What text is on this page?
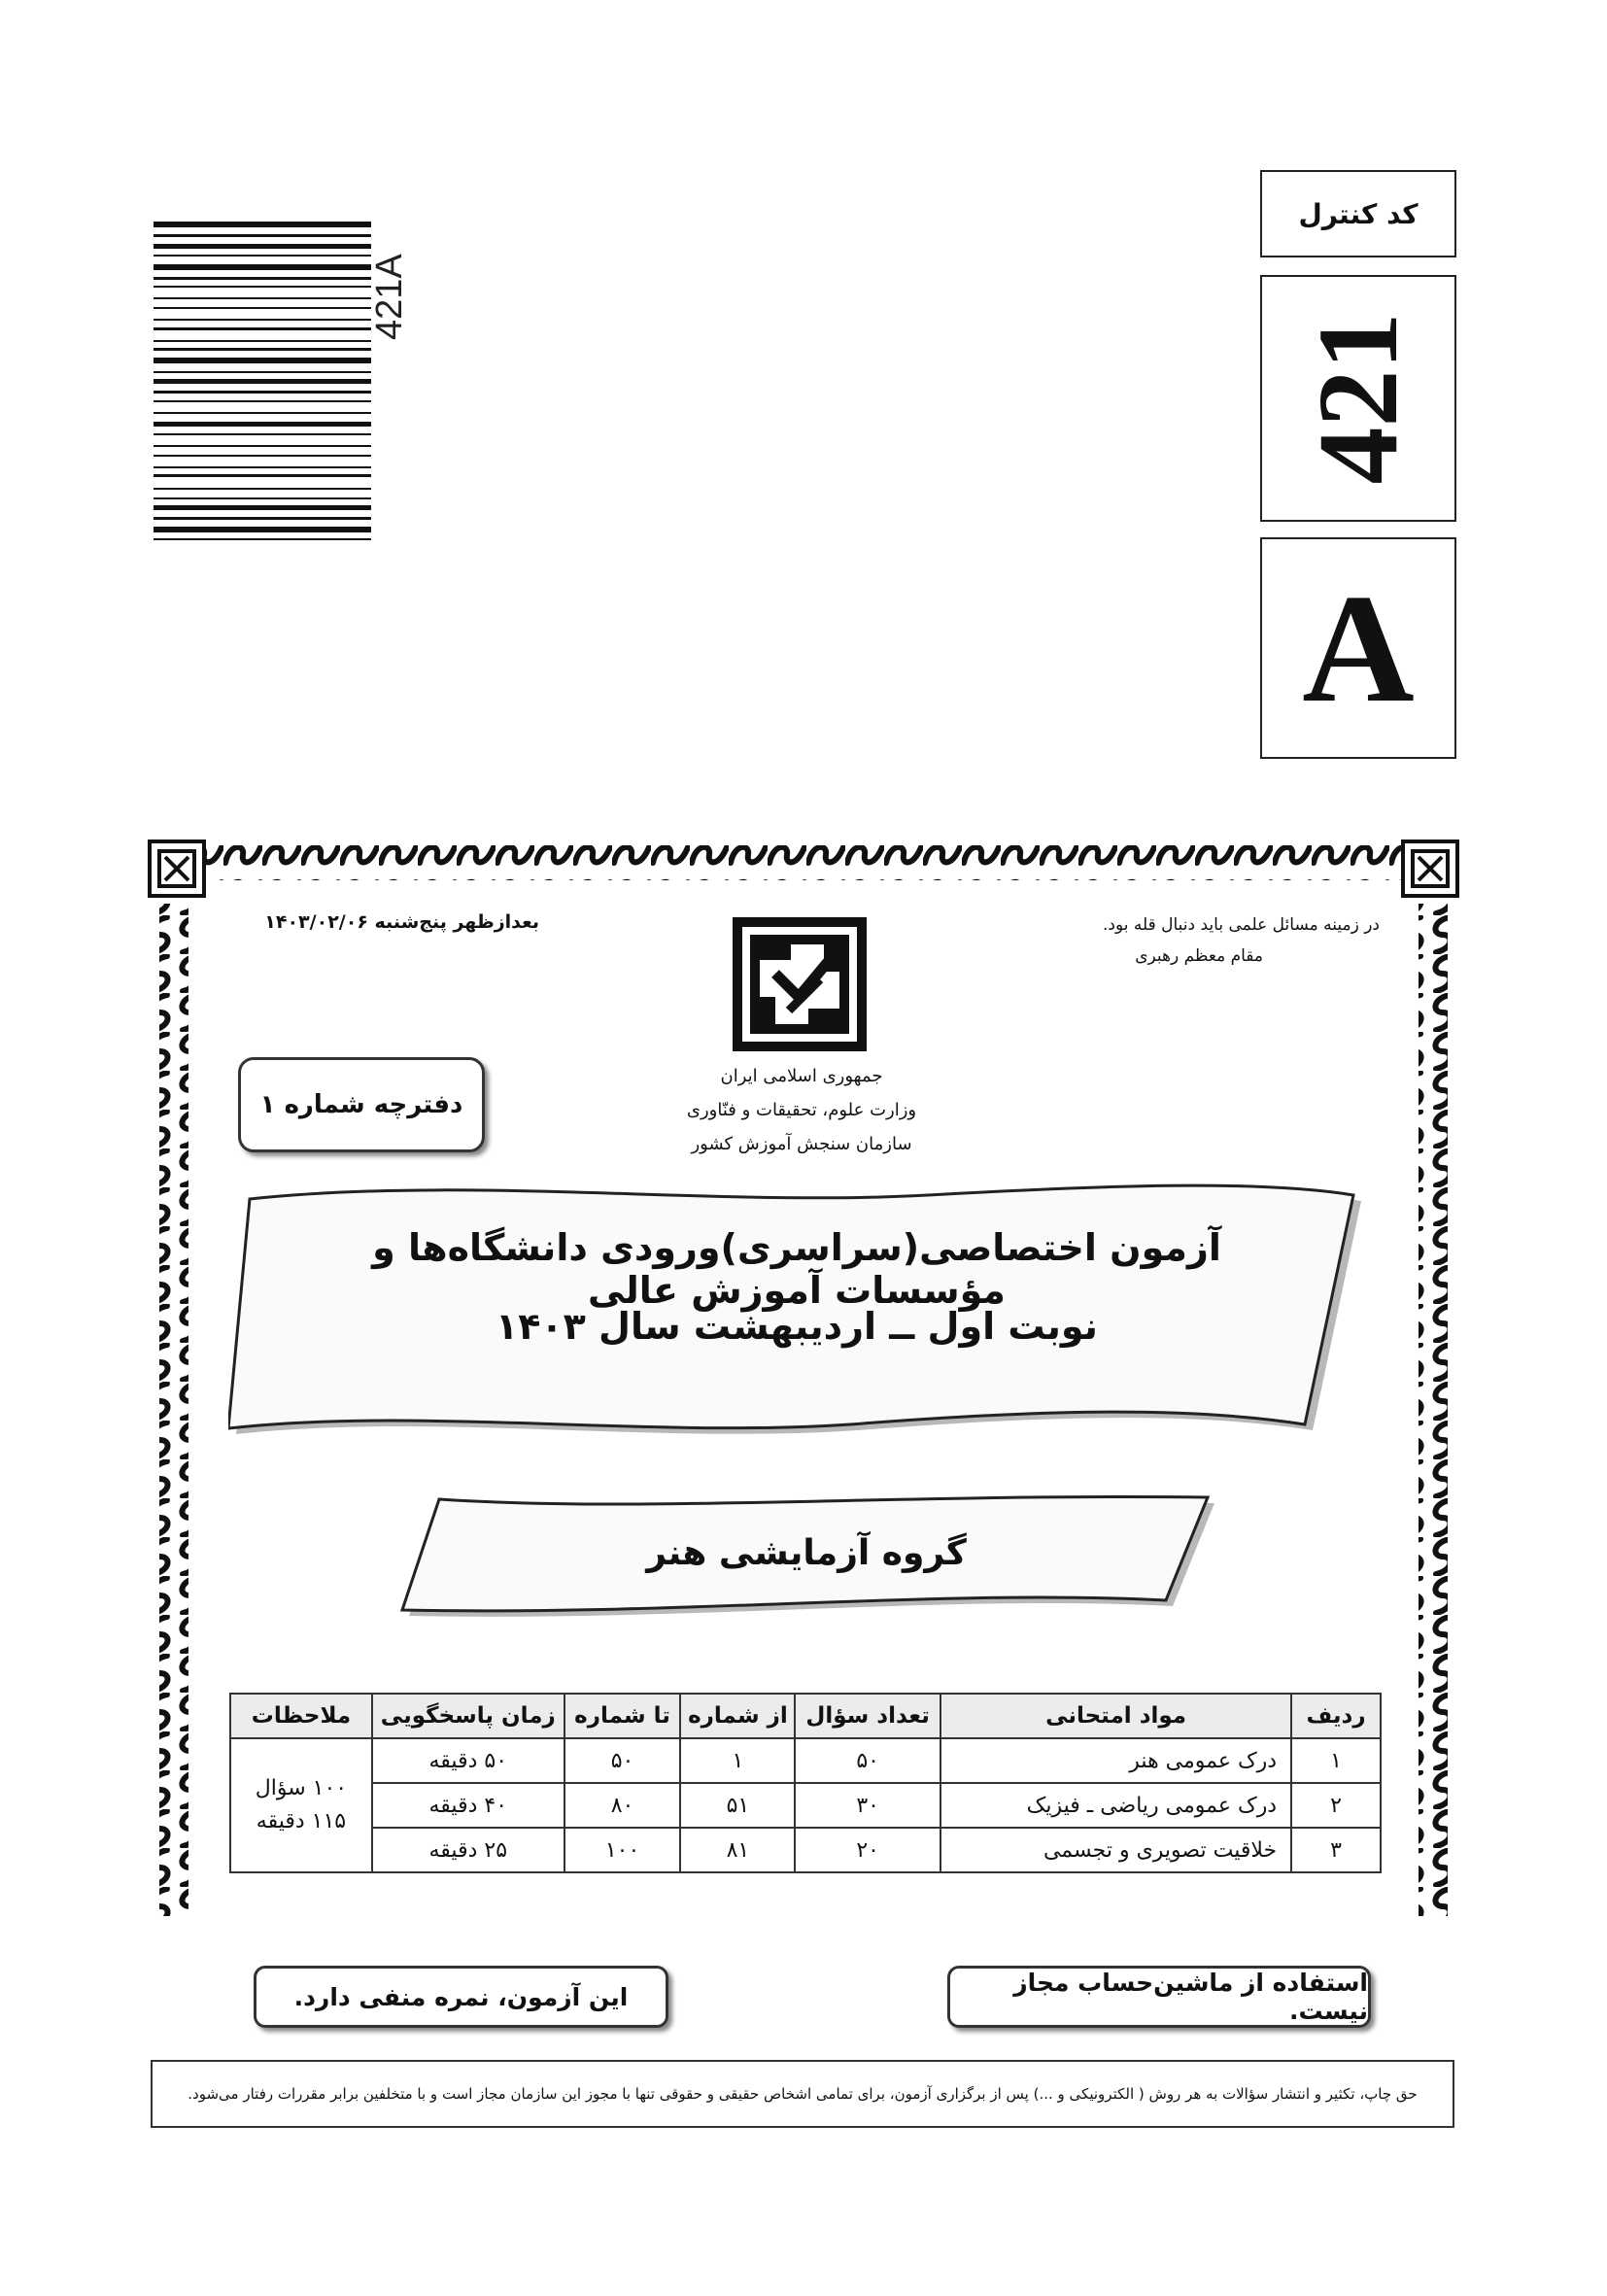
421A
کد کنترل
421
A
بعدازظهر پنج‌شنبه ۱۴۰۳/۰۲/۰۶	در زمینه مسائل علمی باید دنبال قله بود.
مقام معظم رهبری
جمهوری اسلامی ایران
وزارت علوم، تحقیقات و فنّاوری
سازمان سنجش آموزش کشور
دفترچه شماره ۱
آزمون اختصاصی(سراسری)ورودی دانشگاه‌ها و مؤسسات آموزش عالی
نوبت اول ــ اردیبهشت سال ۱۴۰۳
گروه آزمایشی هنر
ردیف	مواد امتحانی	تعداد سؤال	از شماره	تا شماره	زمان پاسخگویی	ملاحظات
۱	درک عمومی هنر	۵۰	۱	۵۰	۵۰ دقیقه	۱۰۰ سؤال
۱۱۵ دقیقه

۲	درک عمومی ریاضی ـ فیزیک	۳۰	۵۱	۸۰	۴۰ دقیقه	
۳	خلاقیت تصویری و تجسمی	۲۰	۸۱	۱۰۰	۲۵ دقیقه	
استفاده از ماشین‌حساب مجاز نیست.
این آزمون، نمره منفی دارد.
حق چاپ، تکثیر و انتشار سؤالات به هر روش ( الکترونیکی و ...) پس از برگزاری آزمون، برای تمامی اشخاص حقیقی و حقوقی تنها با مجوز این سازمان مجاز است و با متخلفین برابر مقررات رفتار می‌شود.
